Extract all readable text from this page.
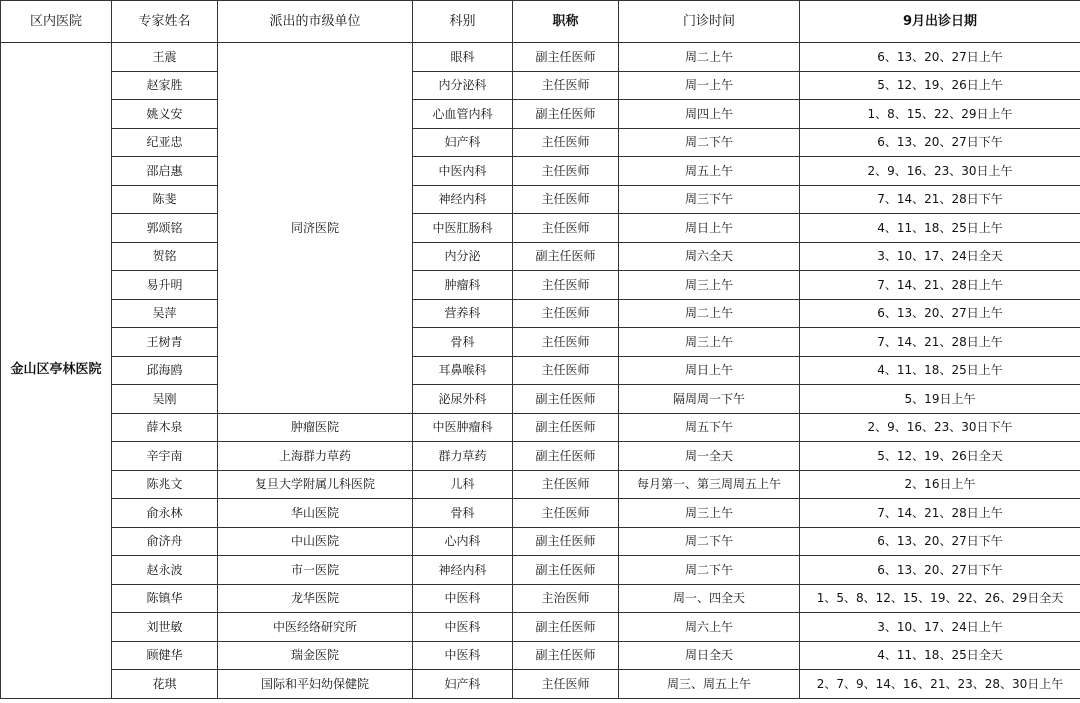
区内医院	专家姓名	派出的市级单位	科别	职称	门诊时间	9月出诊日期
金山区亭林医院	王震	同济医院	眼科	副主任医师	周二上午	6、13、20、27日上午
	赵家胜		内分泌科	主任医师	周一上午	5、12、19、26日上午
	姚义安		心血管内科	副主任医师	周四上午	1、8、15、22、29日上午
	纪亚忠		妇产科	主任医师	周二下午	6、13、20、27日下午
	邵启惠		中医内科	主任医师	周五上午	2、9、16、23、30日上午
	陈斐		神经内科	主任医师	周三下午	7、14、21、28日下午
	郭颂铭		中医肛肠科	主任医师	周日上午	4、11、18、25日上午
	贺铭		内分泌	副主任医师	周六全天	3、10、17、24日全天
	易升明		肿瘤科	主任医师	周三上午	7、14、21、28日上午
	吴萍		营养科	主任医师	周二上午	6、13、20、27日上午
	王树青		骨科	主任医师	周三上午	7、14、21、28日上午
	邱海鸥		耳鼻喉科	主任医师	周日上午	4、11、18、25日上午
	吴刚		泌尿外科	副主任医师	隔周周一下午	5、19日上午
	薛木泉	肿瘤医院	中医肿瘤科	副主任医师	周五下午	2、9、16、23、30日下午
	辛宇南	上海群力草药	群力草药	副主任医师	周一全天	5、12、19、26日全天
	陈兆文	复旦大学附属儿科医院	儿科	主任医师	每月第一、第三周周五上午	2、16日上午
	俞永林	华山医院	骨科	主任医师	周三上午	7、14、21、28日上午
	俞济舟	中山医院	心内科	副主任医师	周二下午	6、13、20、27日下午
	赵永波	市一医院	神经内科	副主任医师	周二下午	6、13、20、27日下午
	陈镇华	龙华医院	中医科	主治医师	周一、四全天	1、5、8、12、15、19、22、26、29日全天
	刘世敏	中医经络研究所	中医科	副主任医师	周六上午	3、10、17、24日上午
	顾健华	瑞金医院	中医科	副主任医师	周日全天	4、11、18、25日全天
	花琪	国际和平妇幼保健院	妇产科	主任医师	周三、周五上午	2、7、9、14、16、21、23、28、30日上午
